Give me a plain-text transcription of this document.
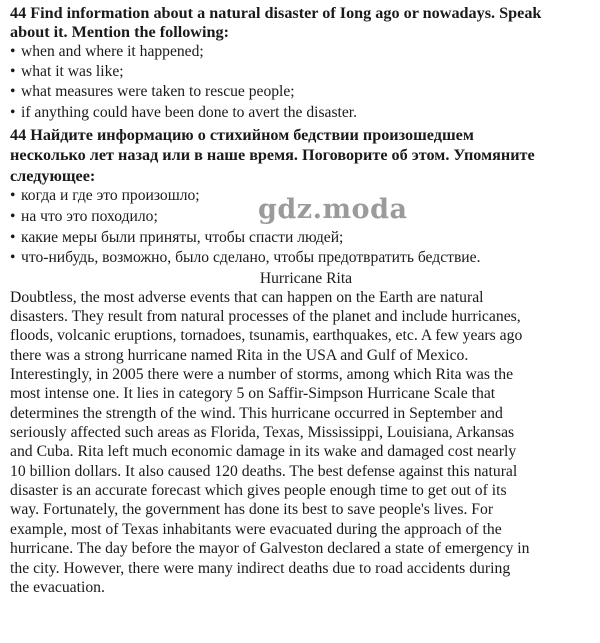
44 Find information about a natural disaster of Iong ago or nowadays. Speak
about it. Mention the following:
• when and where it happened;
• what it was like;
• what measures were taken to rescue people;
• if anything could have been done to avert the disaster.
44 Найдите информацию о стихийном бедствии произошедшем
несколько лет назад или в наше время. Поговорите об этом. Упомяните
следующее:
• когда и где это произошло;
• на что это походило;
• какие меры были приняты, чтобы спасти людей;
• что-нибудь, возможно, было сделано, чтобы предотвратить бедствие.
Hurricane Rita
Doubtless, the most adverse events that can happen on the Earth are natural
disasters. They result from natural processes of the planet and include hurricanes,
floods, volcanic eruptions, tornadoes, tsunamis, earthquakes, etc. A few years ago
there was a strong hurricane named Rita in the USA and Gulf of Mexico.
Interestingly, in 2005 there were a number of storms, among which Rita was the
most intense one. It lies in category 5 on Saffir-Simpson Hurricane Scale that
determines the strength of the wind. This hurricane occurred in September and
seriously affected such areas as Florida, Texas, Mississippi, Louisiana, Arkansas
and Cuba. Rita left much economic damage in its wake and damaged cost nearly
10 billion dollars. It also caused 120 deaths. The best defense against this natural
disaster is an accurate forecast which gives people enough time to get out of its
way. Fortunately, the government has done its best to save people's lives. For
example, most of Texas inhabitants were evacuated during the approach of the
hurricane. The day before the mayor of Galveston declared a state of emergency in
the city. However, there were many indirect deaths due to road accidents during
the evacuation.
gdz.moda
